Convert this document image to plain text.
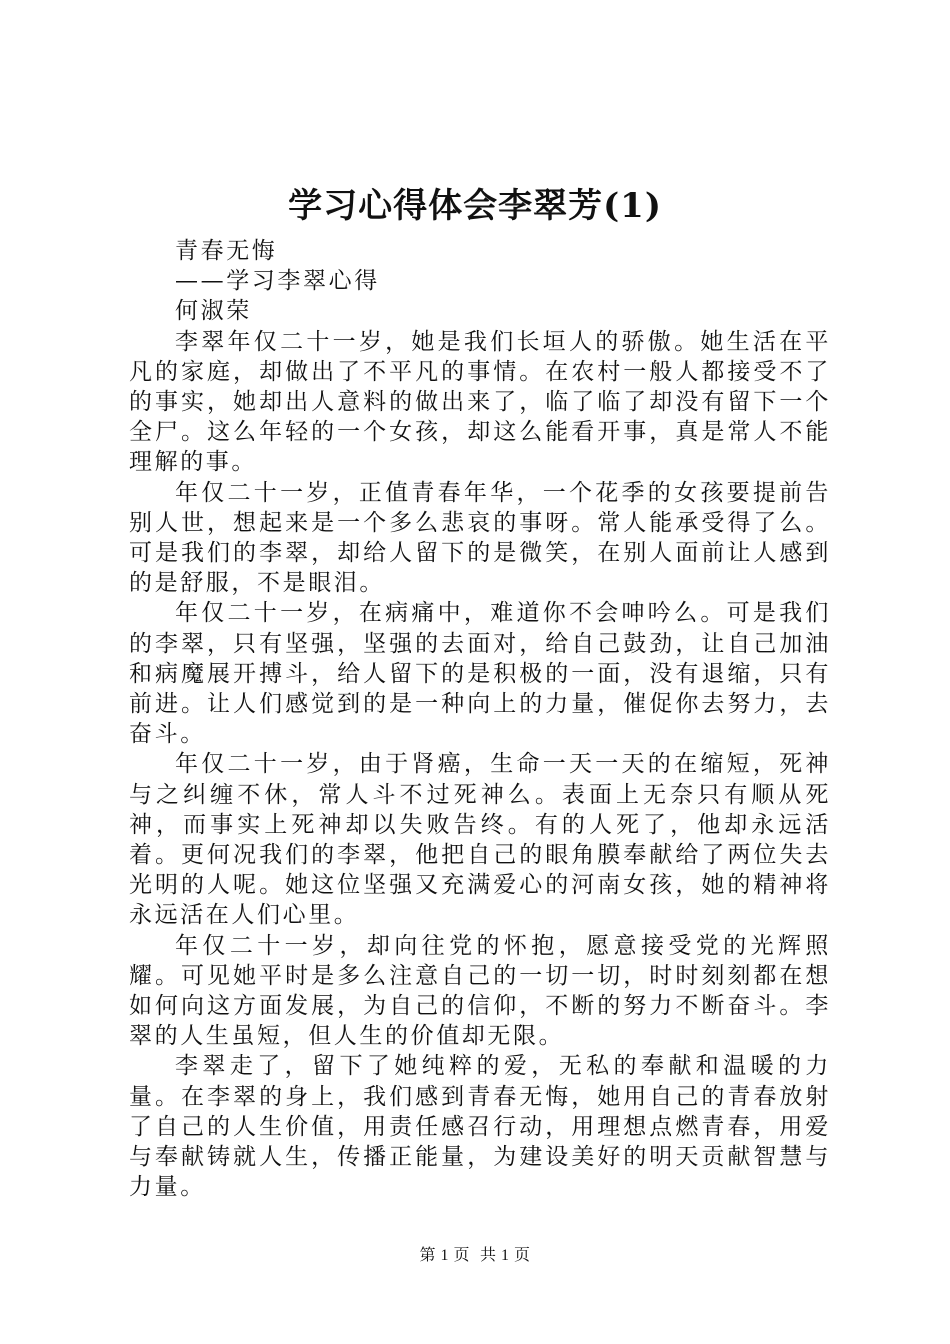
学习心得体会李翠芳(1)

青春无悔

——学习李翠心得

何淑荣

李翠年仅二十一岁，她是我们长垣人的骄傲。她生活在平凡的家庭，却做出了不平凡的事情。在农村一般人都接受不了的事实，她却出人意料的做出来了，临了临了却没有留下一个全尸。这么年轻的一个女孩，却这么能看开事，真是常人不能理解的事。

年仅二十一岁，正值青春年华，一个花季的女孩要提前告别人世，想起来是一个多么悲哀的事呀。常人能承受得了么。可是我们的李翠，却给人留下的是微笑，在别人面前让人感到的是舒服，不是眼泪。

年仅二十一岁，在病痛中，难道你不会呻吟么。可是我们的李翠，只有坚强，坚强的去面对，给自己鼓劲，让自己加油和病魔展开搏斗，给人留下的是积极的一面，没有退缩，只有前进。让人们感觉到的是一种向上的力量，催促你去努力，去奋斗。

年仅二十一岁，由于肾癌，生命一天一天的在缩短，死神与之纠缠不休，常人斗不过死神么。表面上无奈只有顺从死神，而事实上死神却以失败告终。有的人死了，他却永远活着。更何况我们的李翠，他把自己的眼角膜奉献给了两位失去光明的人呢。她这位坚强又充满爱心的河南女孩，她的精神将永远活在人们心里。

年仅二十一岁，却向往党的怀抱，愿意接受党的光辉照耀。可见她平时是多么注意自己的一切一切，时时刻刻都在想如何向这方面发展，为自己的信仰，不断的努力不断奋斗。李翠的人生虽短，但人生的价值却无限。

李翠走了，留下了她纯粹的爱，无私的奉献和温暖的力量。在李翠的身上，我们感到青春无悔，她用自己的青春放射了自己的人生价值，用责任感召行动，用理想点燃青春，用爱与奉献铸就人生，传播正能量，为建设美好的明天贡献智慧与力量。

第 1 页 共 1 页
